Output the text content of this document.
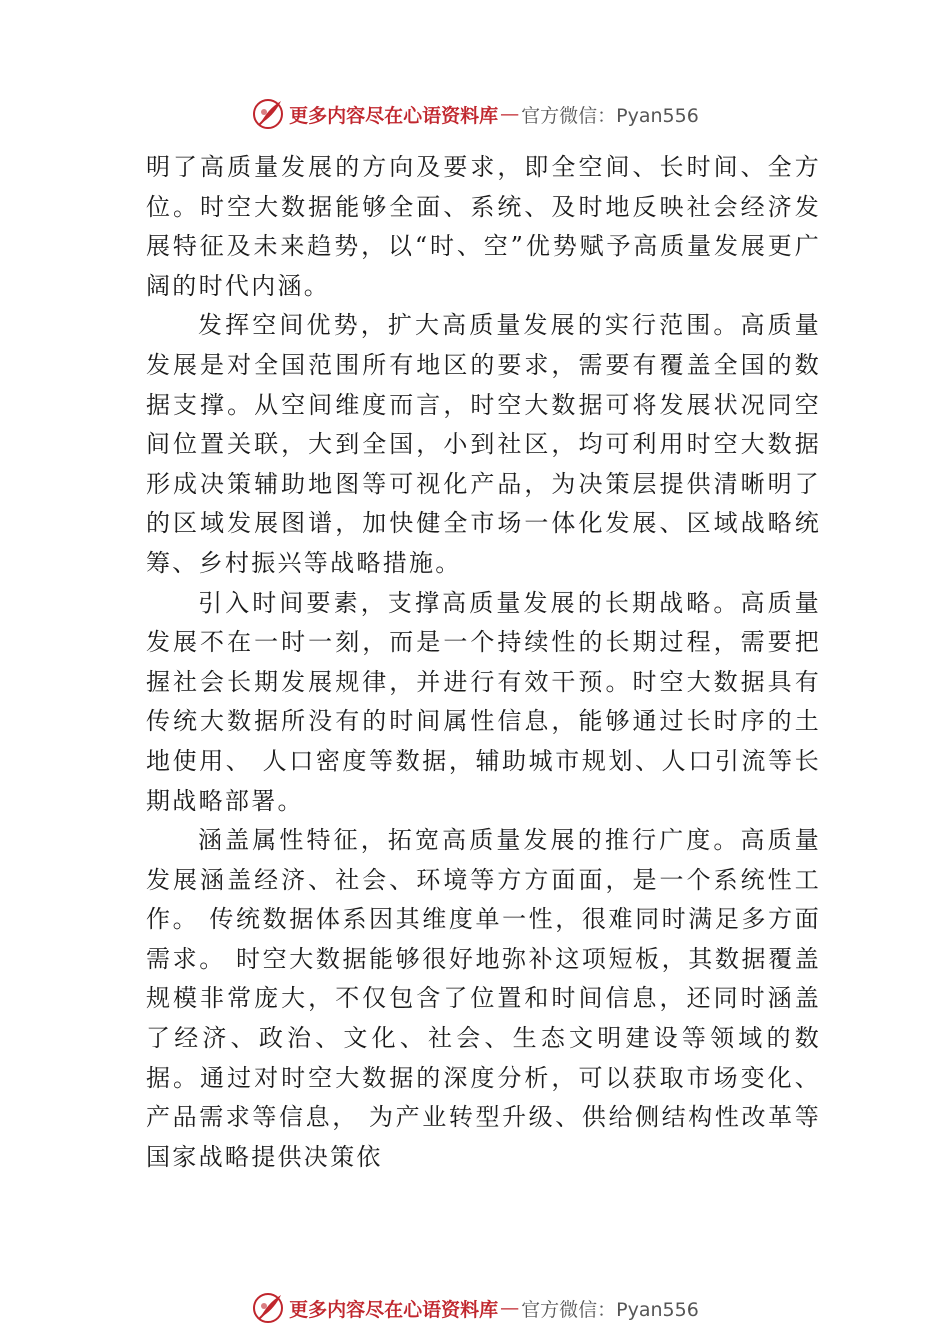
更多内容尽在心语资料库 — 官方微信：Pyan556

明了高质量发展的方向及要求，即全空间、长时间、全方位。时空大数据能够全面、系统、及时地反映社会经济发展特征及未来趋势，以“时、空”优势赋予高质量发展更广阔的时代内涵。

发挥空间优势，扩大高质量发展的实行范围。高质量发展是对全国范围所有地区的要求，需要有覆盖全国的数据支撑。从空间维度而言，时空大数据可将发展状况同空间位置关联，大到全国，小到社区，均可利用时空大数据形成决策辅助地图等可视化产品，为决策层提供清晰明了的区域发展图谱，加快健全市场一体化发展、区域战略统筹、乡村振兴等战略措施。

引入时间要素，支撑高质量发展的长期战略。高质量发展不在一时一刻，而是一个持续性的长期过程，需要把握社会长期发展规律，并进行有效干预。时空大数据具有传统大数据所没有的时间属性信息，能够通过长时序的土地使用、 人口密度等数据，辅助城市规划、人口引流等长期战略部署。

涵盖属性特征，拓宽高质量发展的推行广度。高质量发展涵盖经济、社会、环境等方方面面，是一个系统性工作。 传统数据体系因其维度单一性，很难同时满足多方面需求。 时空大数据能够很好地弥补这项短板，其数据覆盖规模非常庞大，不仅包含了位置和时间信息，还同时涵盖了经济、政治、文化、社会、生态文明建设等领域的数据。通过对时空大数据的深度分析，可以获取市场变化、产品需求等信息， 为产业转型升级、供给侧结构性改革等国家战略提供决策依

更多内容尽在心语资料库 — 官方微信：Pyan556
